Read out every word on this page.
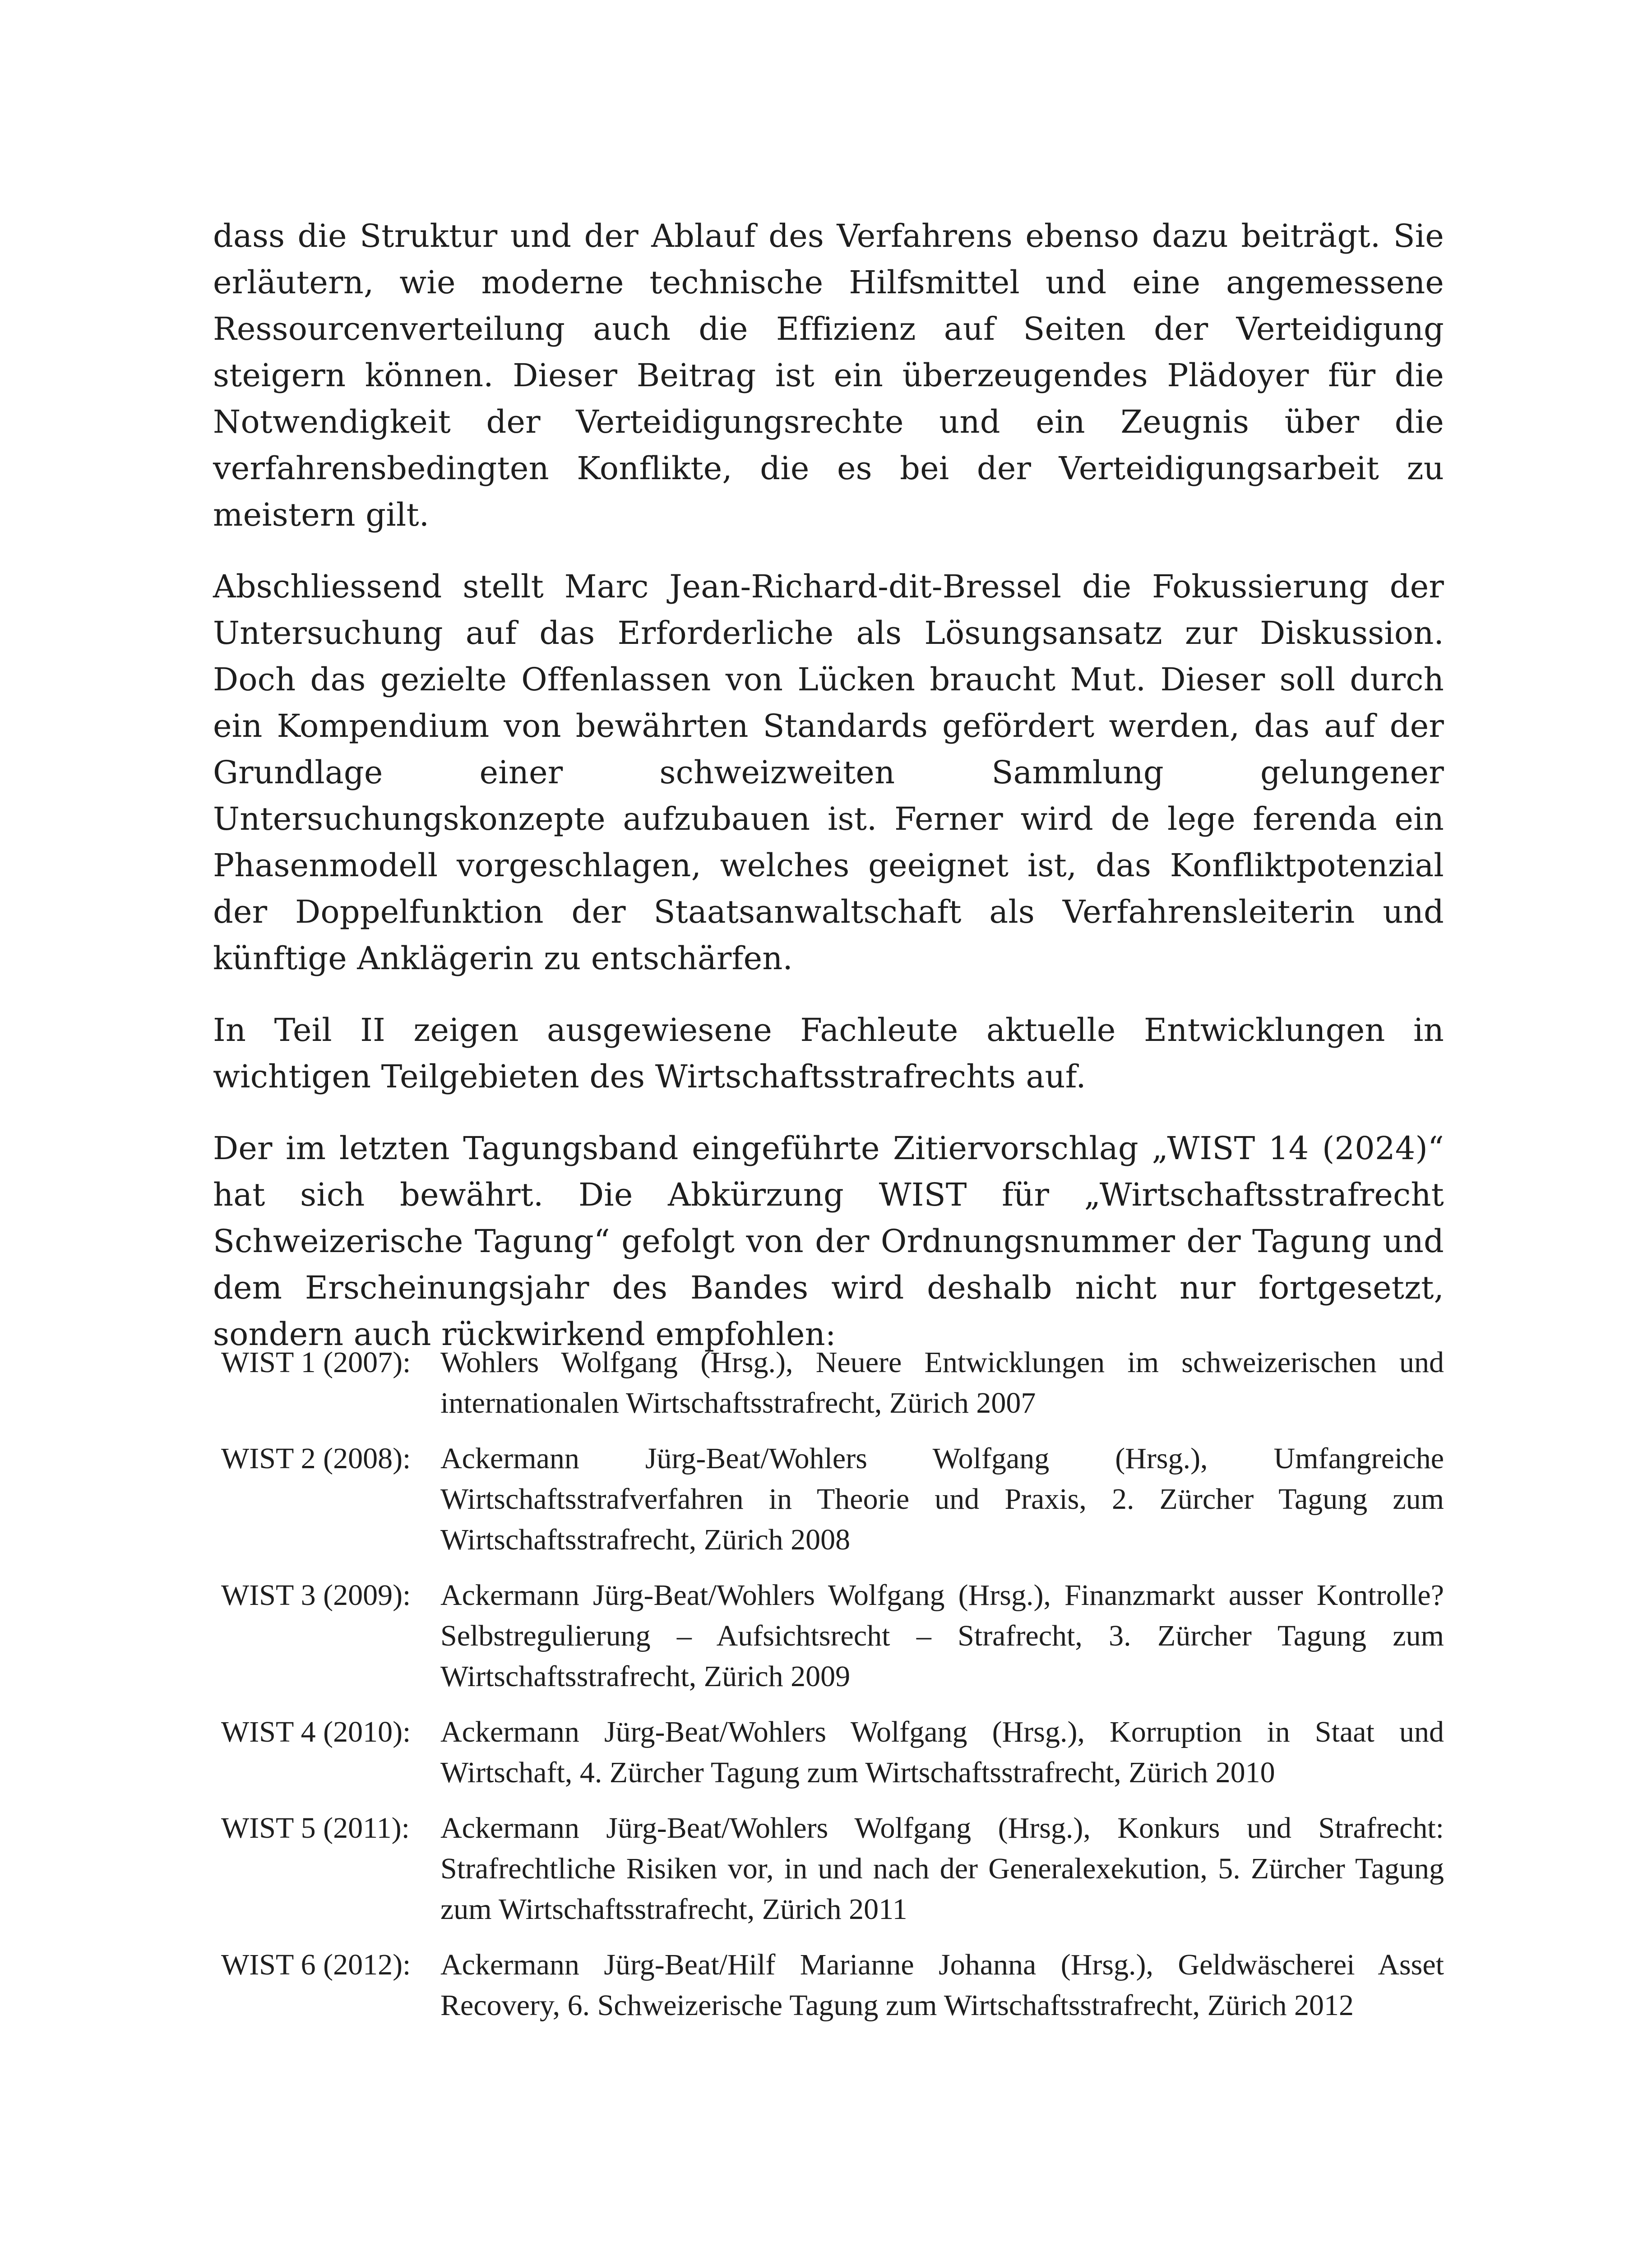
dass die Struktur und der Ablauf des Verfahrens ebenso dazu beiträgt. Sie erläutern, wie moderne technische Hilfsmittel und eine angemessene Ressourcenverteilung auch die Effizienz auf Seiten der Verteidigung steigern können. Dieser Beitrag ist ein überzeugendes Plädoyer für die Notwendigkeit der Verteidigungsrechte und ein Zeugnis über die verfahrensbedingten Konflikte, die es bei der Verteidigungsarbeit zu meistern gilt.

Abschliessend stellt Marc Jean-Richard-dit-Bressel die Fokussierung der Untersuchung auf das Erforderliche als Lösungsansatz zur Diskussion. Doch das gezielte Offenlassen von Lücken braucht Mut. Dieser soll durch ein Kompendium von bewährten Standards gefördert werden, das auf der Grundlage einer schweizweiten Sammlung gelungener Untersuchungskonzepte aufzubauen ist. Ferner wird de lege ferenda ein Phasenmodell vorgeschlagen, welches geeignet ist, das Konfliktpotenzial der Doppelfunktion der Staatsanwaltschaft als Verfahrensleiterin und künftige Anklägerin zu entschärfen.

In Teil II zeigen ausgewiesene Fachleute aktuelle Entwicklungen in wichtigen Teilgebieten des Wirtschaftsstrafrechts auf.

Der im letzten Tagungsband eingeführte Zitiervorschlag „WIST 14 (2024)“ hat sich bewährt. Die Abkürzung WIST für „Wirtschaftsstrafrecht Schweizerische Tagung“ gefolgt von der Ordnungsnummer der Tagung und dem Erscheinungsjahr des Bandes wird deshalb nicht nur fortgesetzt, sondern auch rückwirkend empfohlen:

WIST 1 (2007): Wohlers Wolfgang (Hrsg.), Neuere Entwicklungen im schweizerischen und internationalen Wirtschaftsstrafrecht, Zürich 2007
WIST 2 (2008): Ackermann Jürg-Beat/Wohlers Wolfgang (Hrsg.), Umfangreiche Wirtschaftsstrafverfahren in Theorie und Praxis, 2. Zürcher Tagung zum Wirtschaftsstrafrecht, Zürich 2008
WIST 3 (2009): Ackermann Jürg-Beat/Wohlers Wolfgang (Hrsg.), Finanzmarkt ausser Kontrolle? Selbstregulierung – Aufsichtsrecht – Strafrecht, 3. Zürcher Tagung zum Wirtschaftsstrafrecht, Zürich 2009
WIST 4 (2010): Ackermann Jürg-Beat/Wohlers Wolfgang (Hrsg.), Korruption in Staat und Wirtschaft, 4. Zürcher Tagung zum Wirtschaftsstrafrecht, Zürich 2010
WIST 5 (2011):	Ackermann Jürg-Beat/Wohlers Wolfgang (Hrsg.), Konkurs und Strafrecht: Strafrechtliche Risiken vor, in und nach der Generalexekution, 5. Zürcher Tagung zum Wirtschaftsstrafrecht, Zürich 2011
WIST 6 (2012): Ackermann Jürg-Beat/Hilf Marianne Johanna (Hrsg.), Geldwäscherei Asset Recovery, 6. Schweizerische Tagung zum Wirtschaftsstrafrecht, Zürich 2012
